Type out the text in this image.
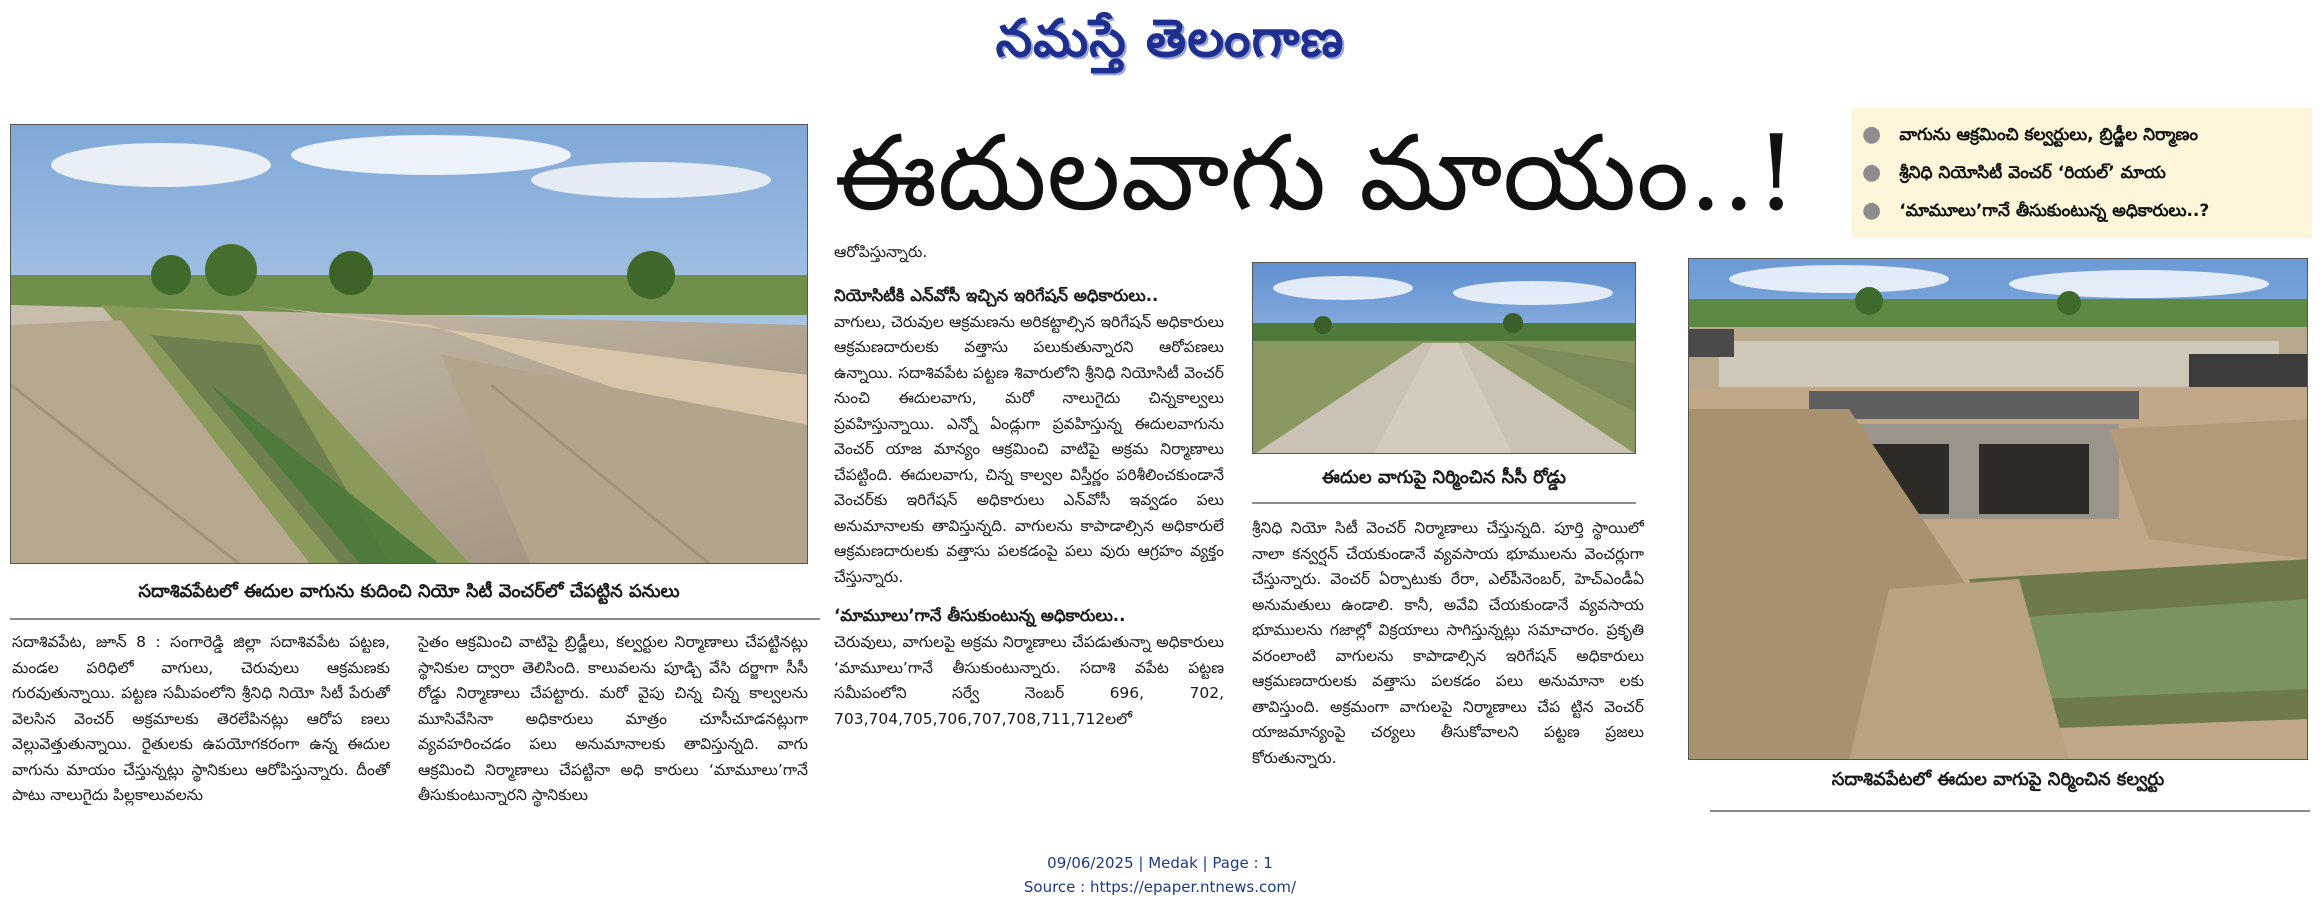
నమస్తే తెలంగాణ
సదాశివపేటలో ఈదుల వాగును కుదించి నియో సిటీ వెంచర్‌లో చేపట్టిన పనులు
ఈదులవాగు మాయం..!	● వాగును ఆక్రమించి కల్వర్టులు, బ్రిడ్జీల నిర్మాణం
● శ్రీనిధి నియోసిటీ వెంచర్ ‘రియల్’ మాయ
● ‘మామూలు’గానే తీసుకుంటున్న అధికారులు..?
ఈదుల వాగుపై నిర్మించిన సీసీ రోడ్డు
సదాశివపేటలో ఈదుల వాగుపై నిర్మించిన కల్వర్టు

సదాశివపేట, జూన్ 8 : సంగారెడ్డి జిల్లా సదాశివపేట పట్టణ, మండల పరిధిలో వాగులు, చెరువులు ఆక్రమణకు గురవుతున్నాయి. పట్టణ సమీపంలోని శ్రీనిధి నియో సిటీ పేరుతో వెలసిన వెంచర్ అక్రమాలకు తెరలేపినట్లు ఆరోప ణలు వెల్లువెత్తుతున్నాయి. రైతులకు ఉపయోగకరంగా ఉన్న ఈదుల వాగును మాయం చేస్తున్నట్లు స్థానికులు ఆరోపిస్తున్నారు. దీంతో పాటు నాలుగైదు పిల్లకాలువలను

సైతం ఆక్రమించి వాటిపై బ్రిడ్జీలు, కల్వర్టుల నిర్మాణాలు చేపట్టినట్లు స్థానికుల ద్వారా తెలిసింది. కాలువలను పూడ్చి వేసి దర్జాగా సీసీ రోడ్డు నిర్మాణాలు చేపట్టారు. మరో వైపు చిన్న చిన్న కాల్వలను మూసివేసినా అధికారులు మాత్రం చూసీచూడనట్లుగా వ్యవహరించడం పలు అనుమానాలకు తావిస్తున్నది. వాగు ఆక్రమించి నిర్మాణాలు చేపట్టినా అధి కారులు ‘మామూలు’గానే తీసుకుంటున్నారని స్థానికులు

ఆరోపిస్తున్నారు.

నియోసిటీకి ఎన్‌వోసీ ఇచ్చిన ఇరిగేషన్ అధికారులు..

వాగులు, చెరువుల ఆక్రమణను అరికట్టాల్సిన ఇరిగేషన్ అధికారులు ఆక్రమణదారులకు వత్తాసు పలుకుతున్నారని ఆరోపణలు ఉన్నాయి. సదాశివపేట పట్టణ శివారులోని శ్రీనిధి నియోసిటీ వెంచర్ నుంచి ఈదులవాగు, మరో నాలుగైదు చిన్నకాల్వలు ప్రవహిస్తున్నాయి. ఎన్నో ఏండ్లుగా ప్రవహిస్తున్న ఈదులవాగును వెంచర్ యాజ మాన్యం ఆక్రమించి వాటిపై అక్రమ నిర్మాణాలు చేపట్టింది. ఈదులవాగు, చిన్న కాల్వల విస్తీర్ణం పరిశీలించకుండానే వెంచర్‌కు ఇరిగేషన్ అధికారులు ఎన్‌వోసీ ఇవ్వడం పలు అనుమానాలకు తావిస్తున్నది. వాగులను కాపాడాల్సిన అధికారులే ఆక్రమణదారులకు వత్తాసు పలకడంపై పలు వురు ఆగ్రహం వ్యక్తం చేస్తున్నారు.

‘మామూలు’గానే తీసుకుంటున్న అధికారులు..

చెరువులు, వాగులపై అక్రమ నిర్మాణాలు చేపడుతున్నా అధికారులు ‘మామూలు’గానే తీసుకుంటున్నారు. సదాశి వపేట పట్టణ సమీపంలోని సర్వే నెంబర్ 696, 702, 703,704,705,706,707,708,711,712లలో

శ్రీనిధి నియో సిటీ వెంచర్ నిర్మాణాలు చేస్తున్నది. పూర్తి స్థాయిలో నాలా కన్వర్షన్ చేయకుండానే వ్యవసాయ భూములను వెంచర్లుగా చేస్తున్నారు. వెంచర్ ఏర్పాటుకు రేరా, ఎల్‌పీనెంబర్, హెచ్ఎండీఏ అనుమతులు ఉండాలి. కానీ, అవేవి చేయకుండానే వ్యవసాయ భూములను గజాల్లో విక్రయాలు సాగిస్తున్నట్లు సమాచారం. ప్రకృతి వరంలాంటి వాగులను కాపాడాల్సిన ఇరిగేషన్ అధికారులు ఆక్రమణదారులకు వత్తాసు పలకడం పలు అనుమానా లకు తావిస్తుంది. అక్రమంగా వాగులపై నిర్మాణాలు చేప ట్టిన వెంచర్ యాజమాన్యంపై చర్యలు తీసుకోవాలని పట్టణ ప్రజలు కోరుతున్నారు.

09/06/2025 | Medak | Page : 1
Source : https://epaper.ntnews.com/
